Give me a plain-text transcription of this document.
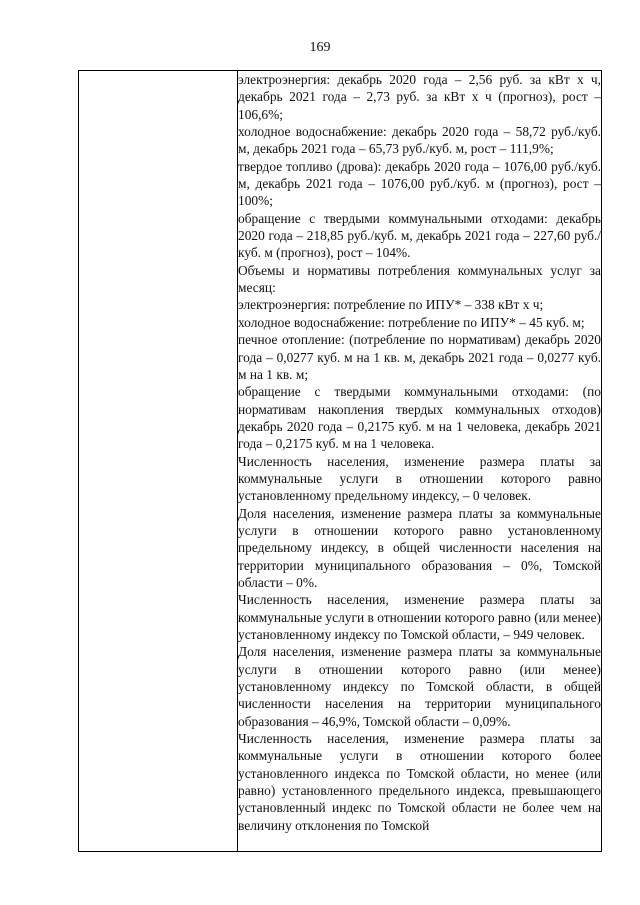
169

электроэнергия: декабрь 2020 года – 2,56 руб. за кВт х ч, декабрь 2021 года – 2,73 руб. за кВт х ч (прогноз), рост – 106,6%;

холодное водоснабжение: декабрь 2020 года – 58,72 руб./куб. м, декабрь 2021 года – 65,73 руб./куб. м, рост – 111,9%;

твердое топливо (дрова): декабрь 2020 года – 1076,00 руб./куб. м, декабрь 2021 года – 1076,00 руб./куб. м (прогноз), рост – 100%;

обращение с твердыми коммунальными отходами: декабрь 2020 года – 218,85 руб./куб. м, декабрь 2021 года – 227,60 руб./куб. м (прогноз), рост – 104%.

Объемы и нормативы потребления коммунальных услуг за месяц:

электроэнергия: потребление по ИПУ* – 338 кВт х ч;

холодное водоснабжение: потребление по ИПУ* – 45 куб. м;

печное отопление: (потребление по нормативам) декабрь 2020 года – 0,0277 куб. м на 1 кв. м, декабрь 2021 года – 0,0277 куб. м на 1 кв. м;

обращение с твердыми коммунальными отходами: (по нормативам накопления твердых коммунальных отходов) декабрь 2020 года – 0,2175 куб. м на 1 человека, декабрь 2021 года – 0,2175 куб. м на 1 человека.

Численность населения, изменение размера платы за коммунальные услуги в отношении которого равно установленному предельному индексу, – 0 человек.

Доля населения, изменение размера платы за коммунальные услуги в отношении которого равно установленному предельному индексу, в общей численности населения на территории муниципального образования – 0%, Томской области – 0%.

Численность населения, изменение размера платы за коммунальные услуги в отношении которого равно (или менее) установленному индексу по Томской области, – 949 человек.

Доля населения, изменение размера платы за коммунальные услуги в отношении которого равно (или менее) установленному индексу по Томской области, в общей численности населения на территории муниципального образования – 46,9%, Томской области – 0,09%.

Численность населения, изменение размера платы за коммунальные услуги в отношении которого более установленного индекса по Томской области, но менее (или равно) установленного предельного индекса, превышающего установленный индекс по Томской области не более чем на величину отклонения по Томской
